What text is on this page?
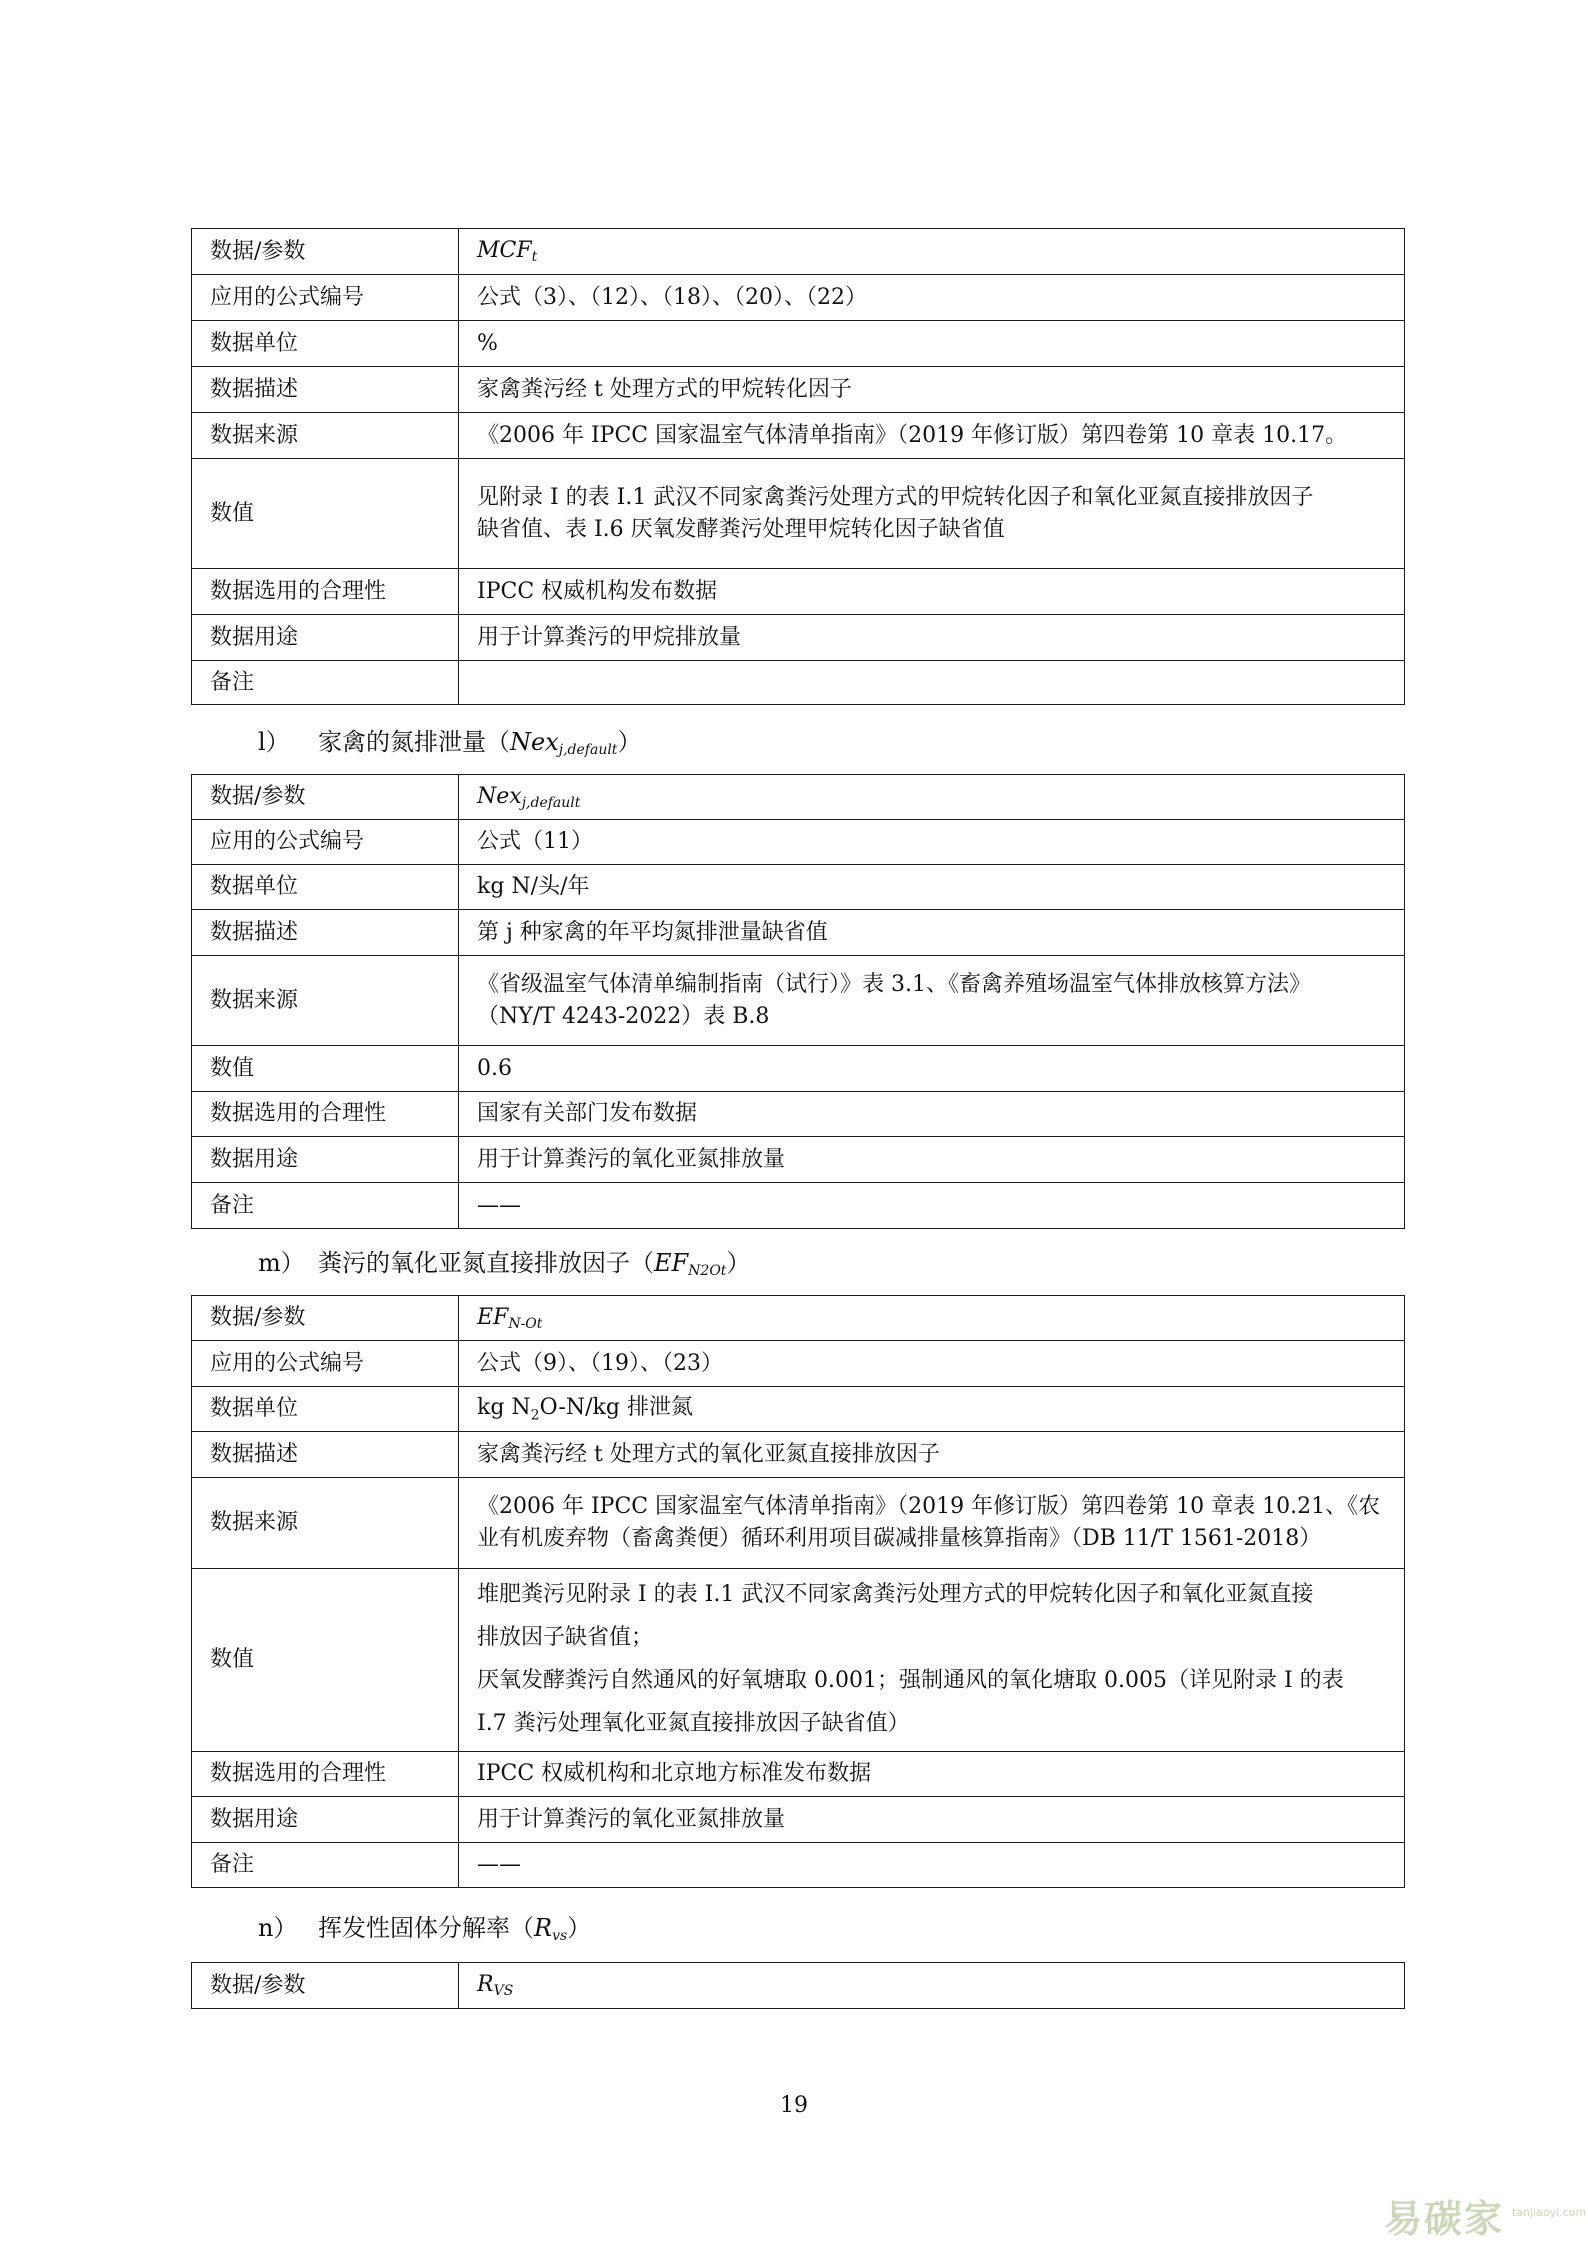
数据/参数	$MCF_t$
应用的公式编号	公式（3）、（12）、（18）、（20）、（22）
数据单位	%
数据描述	家禽粪污经 t 处理方式的甲烷转化因子
数据来源	《2006 年 IPCC 国家温室气体清单指南》（2019 年修订版）第四卷第 10 章表 10.17。
数值	见附录 I 的表 I.1 武汉不同家禽粪污处理方式的甲烷转化因子和氧化亚氮直接排放因子
缺省值、表 I.6 厌氧发酵粪污处理甲烷转化因子缺省值

数据选用的合理性	IPCC 权威机构发布数据
数据用途	用于计算粪污的甲烷排放量
备注	
l） 家禽的氮排泄量（Nex$_{j,default}$）
数据/参数	Nex$_{j,default}$
应用的公式编号	公式（11）
数据单位	kg N/头/年
数据描述	第 j 种家禽的年平均氮排泄量缺省值
数据来源	《省级温室气体清单编制指南（试行）》表 3.1、《畜禽养殖场温室气体排放核算方法》
（NY/T 4243-2022）表 B.8

数值	0.6
数据选用的合理性	国家有关部门发布数据
数据用途	用于计算粪污的氧化亚氮排放量
备注	——
m） 粪污的氧化亚氮直接排放因子$(EF_{N2Ot})$
数据/参数	$EF_{N-Ot}$
应用的公式编号	公式（9）、（19）、（23）
数据单位	kg $N_2O-N/kg$ 排泄氮
数据描述	家禽粪污经 t 处理方式的氧化亚氮直接排放因子
数据来源	《2006 年 IPCC 国家温室气体清单指南》（2019 年修订版）第四卷第 10 章表 10.21、《农
业有机废弃物（畜禽粪便）循环利用项目碳减排量核算指南》（DB 11/T 1561-2018）

数值	堆肥粪污见附录 I 的表 I.1 武汉不同家禽粪污处理方式的甲烷转化因子和氧化亚氮直接
排放因子缺省值；
厌氧发酵粪污自然通风的好氧塘取 0.001；强制通风的氧化塘取 0.005（详见附录 I 的表
I.7 粪污处理氧化亚氮直接排放因子缺省值）

数据选用的合理性	IPCC 权威机构和北京地方标准发布数据
数据用途	用于计算粪污的氧化亚氮排放量
备注	——
n） 挥发性固体分解率$(R_{vs})$
数据/参数	$R_{VS}$
19
易碳家 tanjiaoyi.com
